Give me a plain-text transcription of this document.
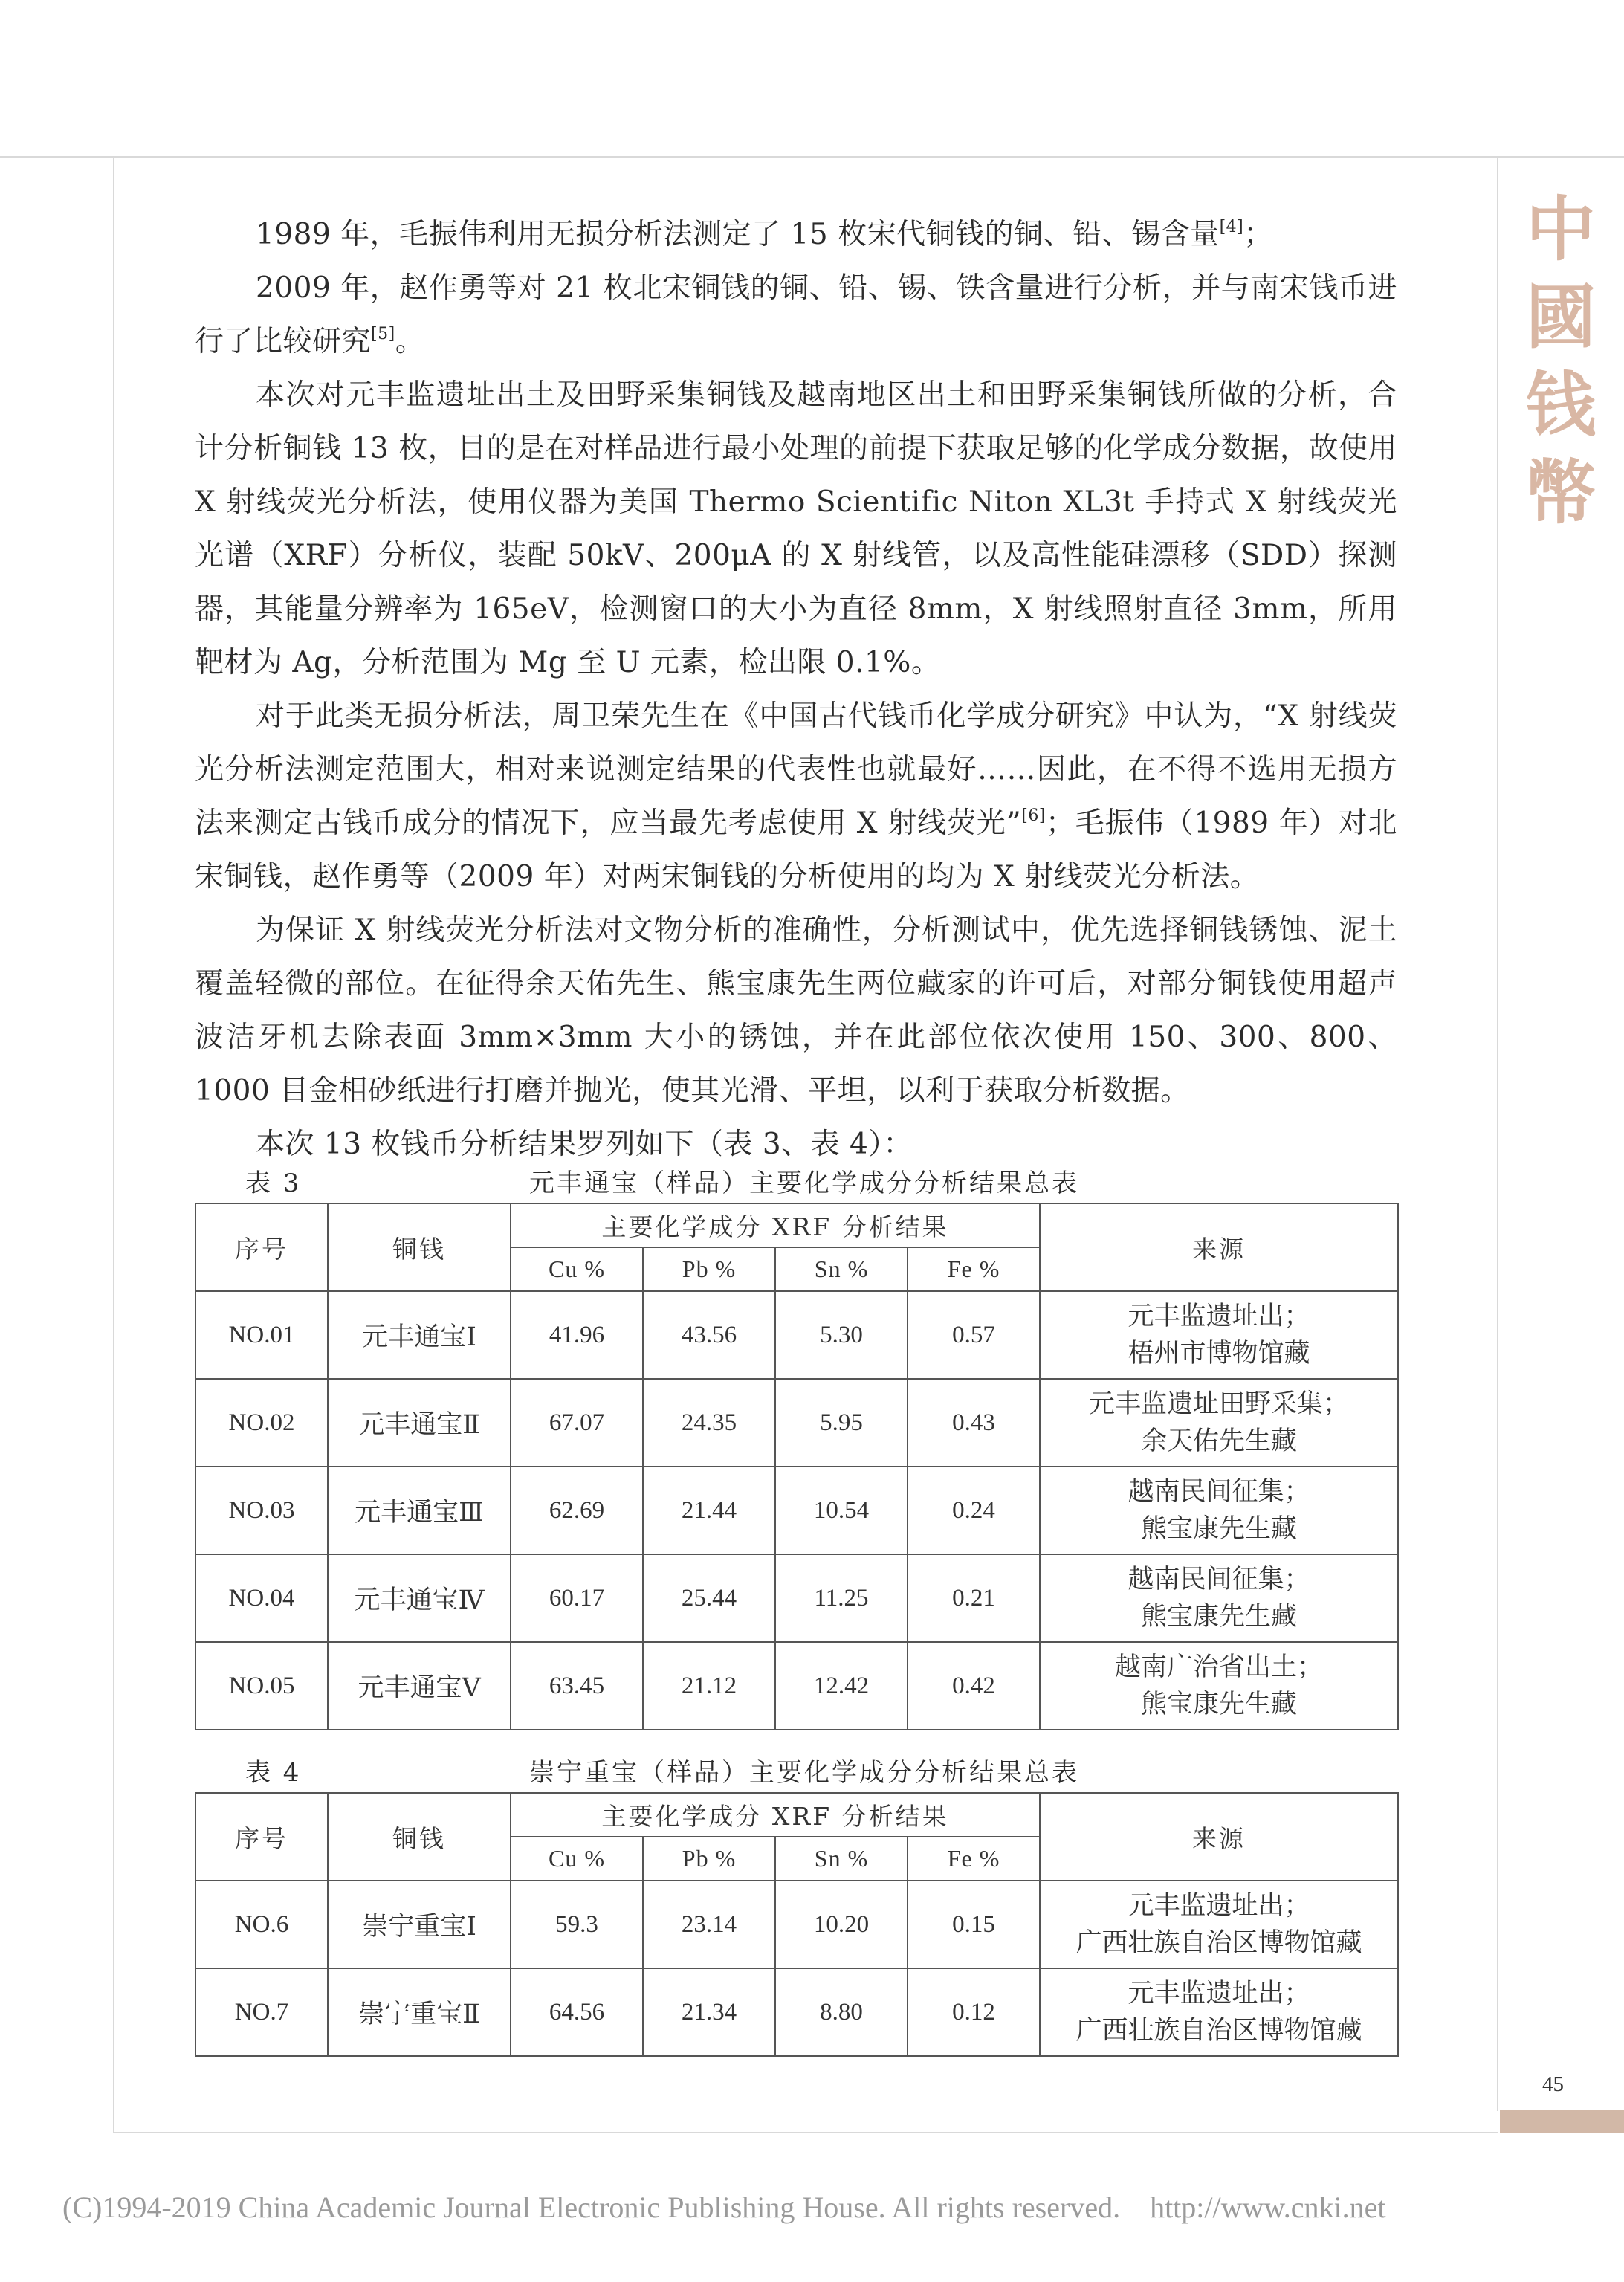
中
國
钱
幣

1989 年，毛振伟利用无损分析法测定了 15 枚宋代铜钱的铜、铅、锡含量[4]；

2009 年，赵作勇等对 21 枚北宋铜钱的铜、铅、锡、铁含量进行分析，并与南宋钱币进行了比较研究[5]。

本次对元丰监遗址出土及田野采集铜钱及越南地区出土和田野采集铜钱所做的分析，合计分析铜钱 13 枚，目的是在对样品进行最小处理的前提下获取足够的化学成分数据，故使用 X 射线荧光分析法，使用仪器为美国 Thermo Scientific Niton XL3t 手持式 X 射线荧光光谱（XRF）分析仪，装配 50kV、200μA 的 X 射线管，以及高性能硅漂移（SDD）探测器，其能量分辨率为 165eV，检测窗口的大小为直径 8mm，X 射线照射直径 3mm，所用靶材为 Ag，分析范围为 Mg 至 U 元素，检出限 0.1%。

对于此类无损分析法，周卫荣先生在《中国古代钱币化学成分研究》中认为，“X 射线荧光分析法测定范围大，相对来说测定结果的代表性也就最好……因此，在不得不选用无损方法来测定古钱币成分的情况下，应当最先考虑使用 X 射线荧光”[6]；毛振伟（1989 年）对北宋铜钱，赵作勇等（2009 年）对两宋铜钱的分析使用的均为 X 射线荧光分析法。

为保证 X 射线荧光分析法对文物分析的准确性，分析测试中，优先选择铜钱锈蚀、泥土覆盖轻微的部位。在征得余天佑先生、熊宝康先生两位藏家的许可后，对部分铜钱使用超声波洁牙机去除表面 3mm×3mm 大小的锈蚀，并在此部位依次使用 150、300、800、1000 目金相砂纸进行打磨并抛光，使其光滑、平坦，以利于获取分析数据。

本次 13 枚钱币分析结果罗列如下（表 3、表 4）：

表 3	元丰通宝（样品）主要化学成分分析结果总表
序号	铜钱	主要化学成分 XRF 分析结果				来源
		Cu %	Pb %	Sn %	Fe %	
NO.01	元丰通宝Ⅰ	41.96	43.56	5.30	0.57	元丰监遗址出；
梧州市博物馆藏

NO.02	元丰通宝Ⅱ	67.07	24.35	5.95	0.43	元丰监遗址田野采集；
余天佑先生藏

NO.03	元丰通宝Ⅲ	62.69	21.44	10.54	0.24	越南民间征集；
熊宝康先生藏

NO.04	元丰通宝Ⅳ	60.17	25.44	11.25	0.21	越南民间征集；
熊宝康先生藏

NO.05	元丰通宝Ⅴ	63.45	21.12	12.42	0.42	越南广治省出土；
熊宝康先生藏
表 4	崇宁重宝（样品）主要化学成分分析结果总表
序号	铜钱	主要化学成分 XRF 分析结果				来源
		Cu %	Pb %	Sn %	Fe %	
NO.6	崇宁重宝Ⅰ	59.3	23.14	10.20	0.15	元丰监遗址出；
广西壮族自治区博物馆藏

NO.7	崇宁重宝Ⅱ	64.56	21.34	8.80	0.12	元丰监遗址出；
广西壮族自治区博物馆藏
45
(C)1994-2019 China Academic Journal Electronic Publishing House. All rights reserved.    http://www.cnki.net
